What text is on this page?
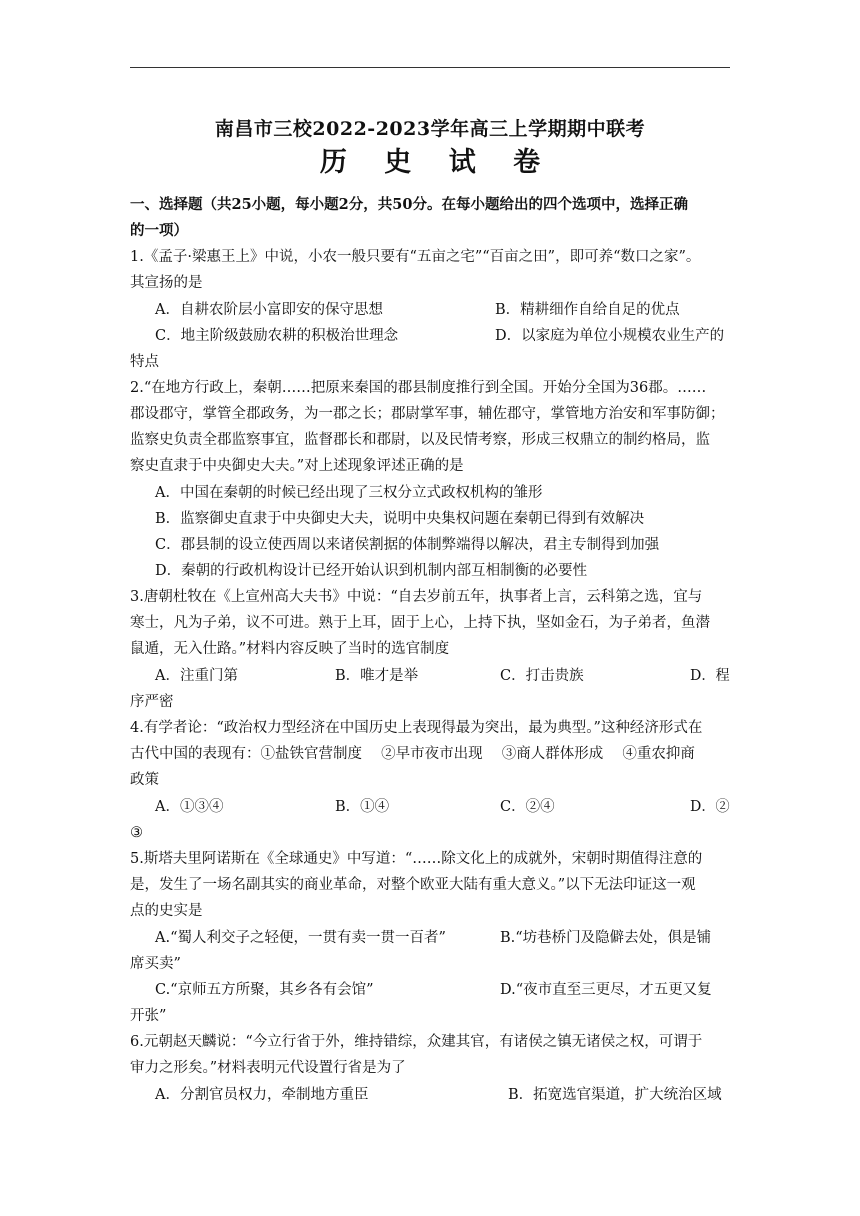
南昌市三校2022-2023学年高三上学期期中联考
历 史 试 卷
一、选择题（共25小题，每小题2分，共50分。在每小题给出的四个选项中，选择正确
的一项）
1.《孟子·梁惠王上》中说，小农一般只要有“五亩之宅”“百亩之田”，即可养“数口之家”。
其宣扬的是
A．自耕农阶层小富即安的保守思想	B．精耕细作自给自足的优点
C．地主阶级鼓励农耕的积极治世理念	D．以家庭为单位小规模农业生产的
特点
2.“在地方行政上，秦朝……把原来秦国的郡县制度推行到全国。开始分全国为36郡。……
郡设郡守，掌管全郡政务，为一郡之长；郡尉掌军事，辅佐郡守，掌管地方治安和军事防御；
监察史负责全郡监察事宜，监督郡长和郡尉，以及民情考察，形成三权鼎立的制约格局，监
察史直隶于中央御史大夫。”对上述现象评述正确的是
A．中国在秦朝的时候已经出现了三权分立式政权机构的雏形
B．监察御史直隶于中央御史大夫，说明中央集权问题在秦朝已得到有效解决
C．郡县制的设立使西周以来诸侯割据的体制弊端得以解决，君主专制得到加强
D．秦朝的行政机构设计已经开始认识到机制内部互相制衡的必要性
3.唐朝杜牧在《上宣州高大夫书》中说：“自去岁前五年，执事者上言，云科第之选，宜与
寒士，凡为子弟，议不可进。熟于上耳，固于上心，上持下执，坚如金石，为子弟者，鱼潜
鼠遁，无入仕路。”材料内容反映了当时的选官制度
A．注重门第	B．唯才是举	C．打击贵族	D．程
序严密
4.有学者论：“政治权力型经济在中国历史上表现得最为突出，最为典型。”这种经济形式在
古代中国的表现有：①盐铁官营制度　 ②早市夜市出现　 ③商人群体形成　 ④重农抑商
政策
A．①③④	B．①④	C．②④	D．②
③
5.斯塔夫里阿诺斯在《全球通史》中写道：“……除文化上的成就外，宋朝时期值得注意的
是，发生了一场名副其实的商业革命，对整个欧亚大陆有重大意义。”以下无法印证这一观
点的史实是
A.“蜀人利交子之轻便，一贯有卖一贯一百者”	B.“坊巷桥门及隐僻去处，俱是铺
席买卖”
C.“京师五方所聚，其乡各有会馆”	D.“夜市直至三更尽，才五更又复
开张”
6.元朝赵天麟说：“今立行省于外，维持错综，众建其官，有诸侯之镇无诸侯之权，可谓于
审力之形矣。”材料表明元代设置行省是为了
A．分割官员权力，牵制地方重臣	B．拓宽选官渠道，扩大统治区域
